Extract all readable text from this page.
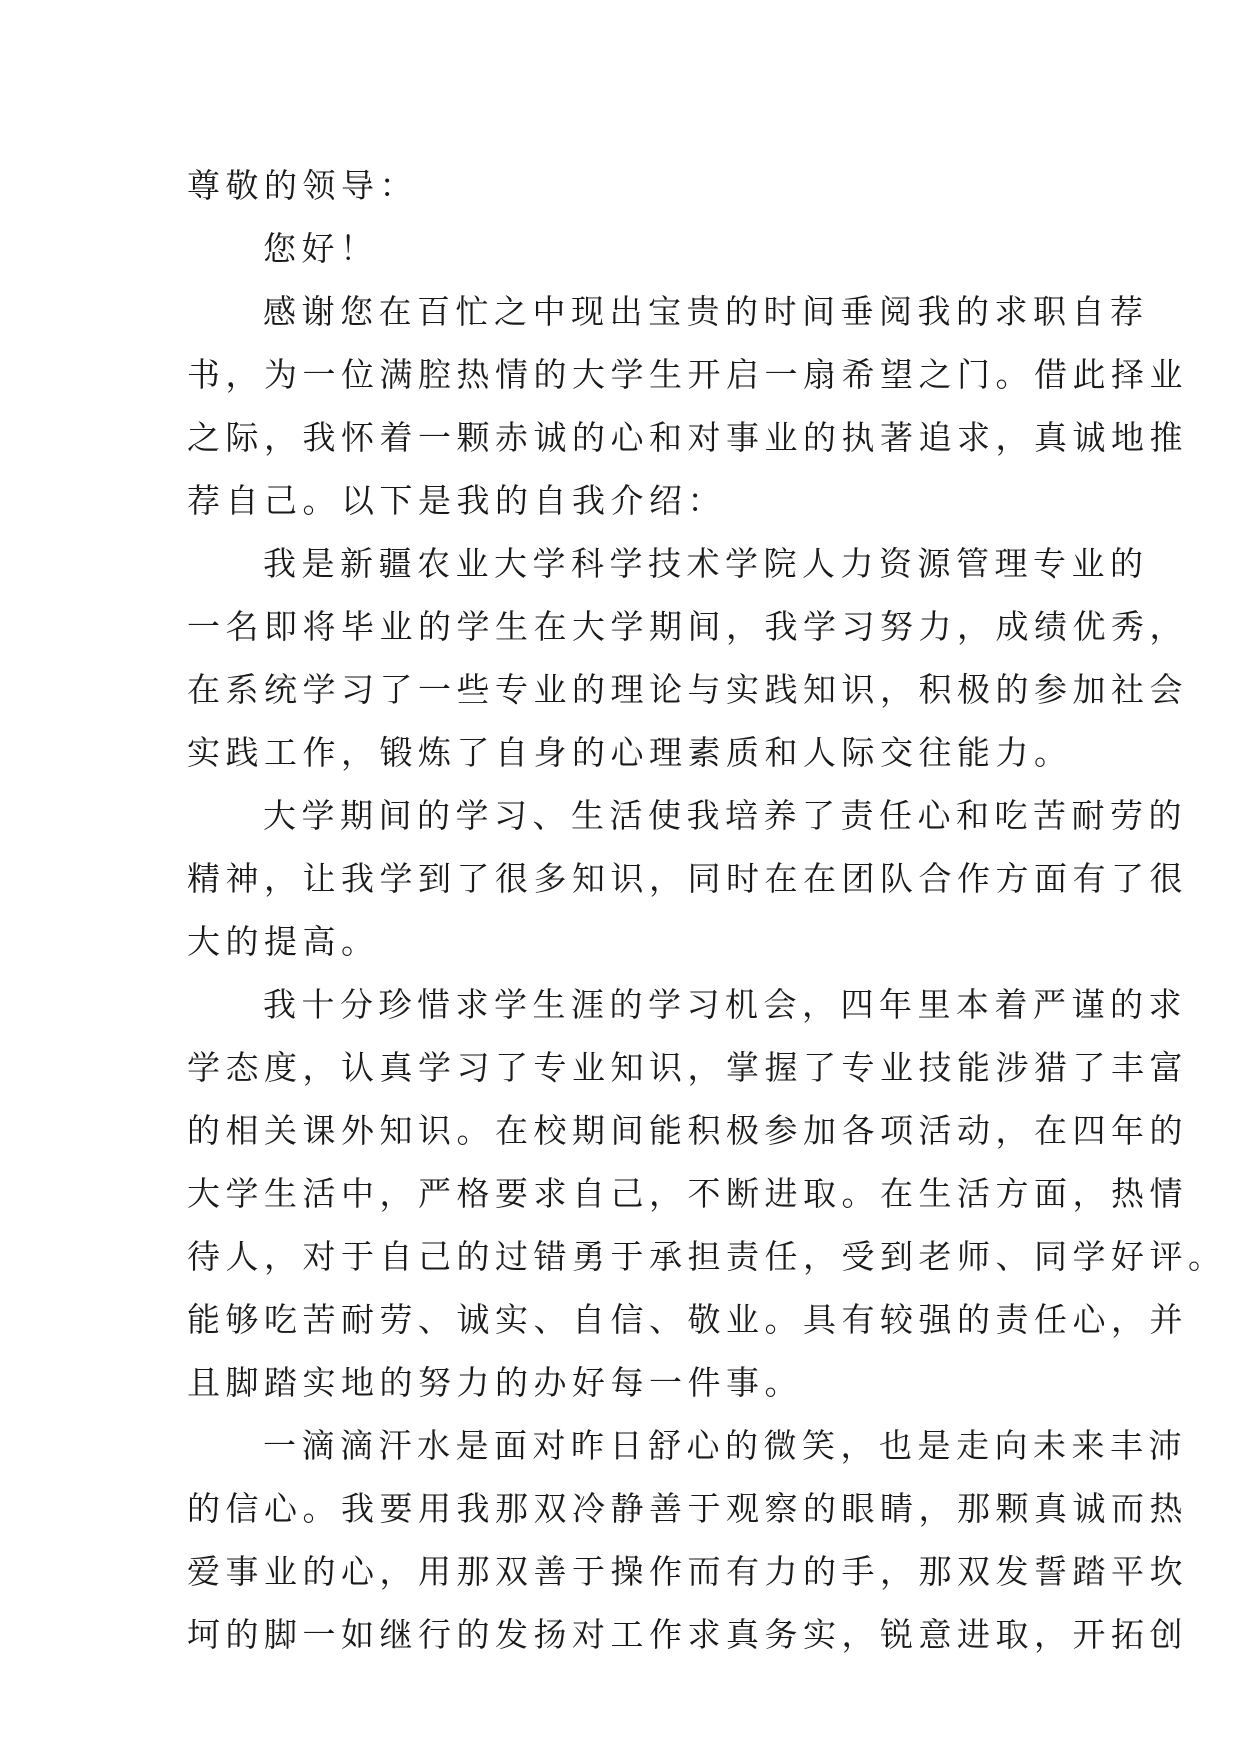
尊敬的领导：
您好！
感谢您在百忙之中现出宝贵的时间垂阅我的求职自荐
书，为一位满腔热情的大学生开启一扇希望之门。借此择业
之际，我怀着一颗赤诚的心和对事业的执著追求，真诚地推
荐自己。以下是我的自我介绍：
我是新疆农业大学科学技术学院人力资源管理专业的
一名即将毕业的学生在大学期间，我学习努力，成绩优秀，
在系统学习了一些专业的理论与实践知识，积极的参加社会
实践工作，锻炼了自身的心理素质和人际交往能力。
大学期间的学习、生活使我培养了责任心和吃苦耐劳的
精神，让我学到了很多知识，同时在在团队合作方面有了很
大的提高。
我十分珍惜求学生涯的学习机会，四年里本着严谨的求
学态度，认真学习了专业知识，掌握了专业技能涉猎了丰富
的相关课外知识。在校期间能积极参加各项活动，在四年的
大学生活中，严格要求自己，不断进取。在生活方面，热情
待人，对于自己的过错勇于承担责任，受到老师、同学好评。
能够吃苦耐劳、诚实、自信、敬业。具有较强的责任心，并
且脚踏实地的努力的办好每一件事。
一滴滴汗水是面对昨日舒心的微笑，也是走向未来丰沛
的信心。我要用我那双冷静善于观察的眼睛，那颗真诚而热
爱事业的心，用那双善于操作而有力的手，那双发誓踏平坎
坷的脚一如继行的发扬对工作求真务实，锐意进取，开拓创
